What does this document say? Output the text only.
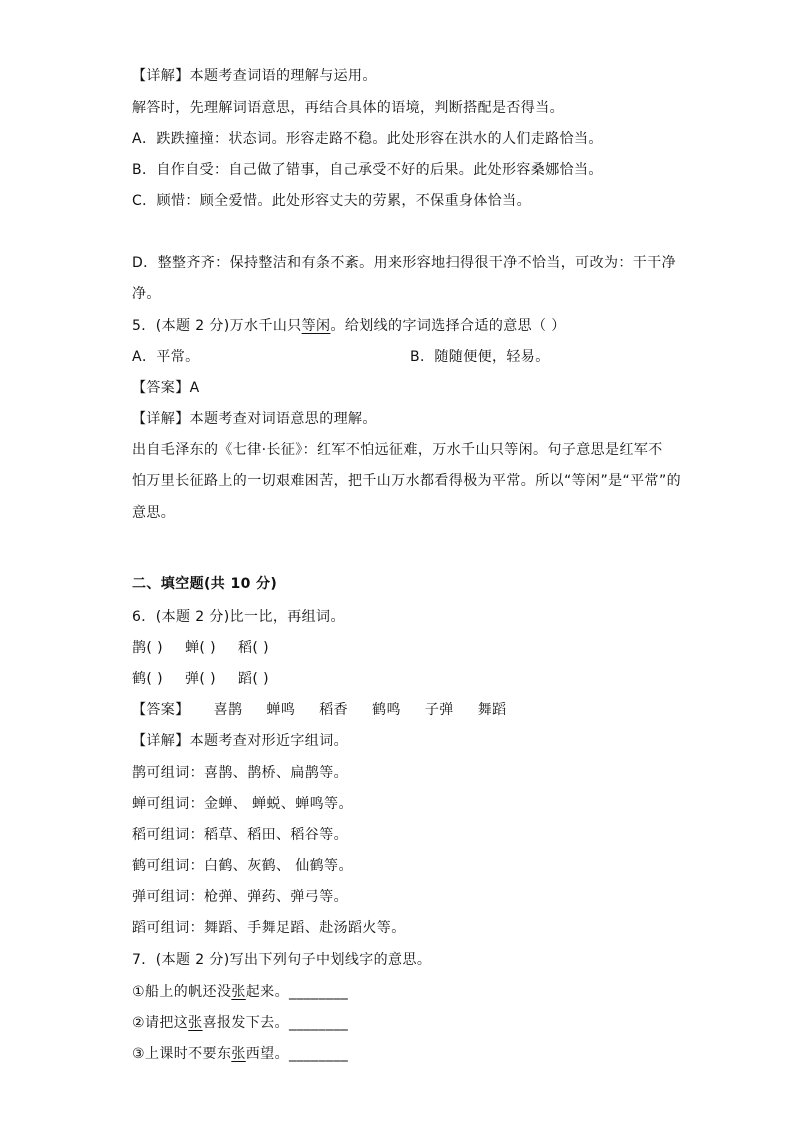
【详解】本题考查词语的理解与运用。
解答时，先理解词语意思，再结合具体的语境，判断搭配是否得当。
A．跌跌撞撞：状态词。形容走路不稳。此处形容在洪水的人们走路恰当。
B．自作自受：自己做了错事，自己承受不好的后果。此处形容桑娜恰当。
C．顾惜：顾全爱惜。此处形容丈夫的劳累，不保重身体恰当。
D．整整齐齐：保持整洁和有条不紊。用来形容地扫得很干净不恰当，可改为：干干净
净。
5．(本题 2 分)万水千山只等闲。给划线的字词选择合适的意思（ ）
A．平常。	B．随随便便，轻易。
【答案】A
【详解】本题考查对词语意思的理解。
出自毛泽东的《七律·长征》：红军不怕远征难，万水千山只等闲。句子意思是红军不
怕万里长征路上的一切艰难困苦，把千山万水都看得极为平常。所以“等闲”是“平常”的
意思。
二、填空题(共 10 分)
6．(本题 2 分)比一比，再组词。
鹊( ) 蝉( ) 稻( )
鹤( ) 弹( ) 蹈( )
【答案】 喜鹊 蝉鸣 稻香 鹤鸣 子弹 舞蹈
【详解】本题考查对形近字组词。
鹊可组词：喜鹊、鹊桥、扁鹊等。
蝉可组词：金蝉、 蝉蜕、蝉鸣等。
稻可组词：稻草、稻田、稻谷等。
鹤可组词：白鹤、灰鹤、 仙鹤等。
弹可组词：枪弹、弹药、弹弓等。
蹈可组词：舞蹈、手舞足蹈、赴汤蹈火等。
7．(本题 2 分)写出下列句子中划线字的意思。
①船上的帆还没张起来。________
②请把这张喜报发下去。________
③上课时不要东张西望。________
